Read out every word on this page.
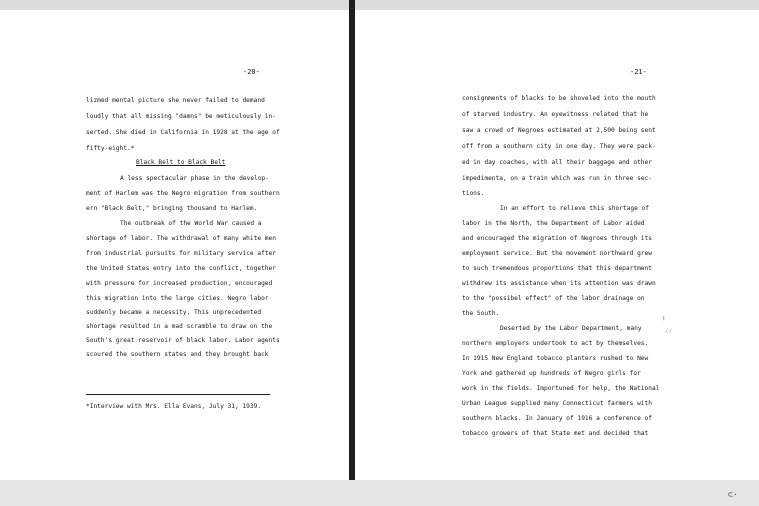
-20-
lizmed mental picture she never failed to demand
loudly that all missing "damns" be meticulously in-
serted. She died in California in 1928 at the age of
fifty-eight.*
Black Belt to Black Belt
A less spectacular phase in the develop-
ment of Harlem was the Negro migration from southern
ern "Black Belt," bringing thousand to Harlem.
The outbreak of the World War caused a
shortage of labor. The withdrawal of many white men
from industrial pursuits for military service after
the United States entry into the conflict, together
with pressure for increased production, encouraged
this migration into the large cities. Negro labor
suddenly became a necessity. This unprecedented
shortage resulted in a mad scramble to draw on the
South's great reservoir of black labor. Labor agents
scoured the southern states and they brought back
*Interview with Mrs. Ella Evans, July 31, 1939.
-21-
consignments of blacks to be shoveled into the mouth
of starved industry. An eyewitness related that he
saw a crowd of Negroes estimated at 2,500 being sent
off from a southern city in one day. They were pack-
ed in day coaches, with all their baggage and other
impedimenta, on a train which was run in three sec-
tions.
In an effort to relieve this shortage of
labor in the North, the Department of Labor aided
and encouraged the migration of Negroes through its
employment service. But the movement northward grew
to such tremendous proportions that this department
withdrew its assistance when its attention was drawn
to the "possibel effect" of the labor drainage on
the South.
Deserted by the Labor Department, many
northern employers undertook to act by themselves.
In 1915 New England tobacco planters rushed to New
York and gathered up hundreds of Negro girls for
work in the fields. Importuned for help, the National
Urban League supplied many Connecticut farmers with
southern blacks. In January of 1916 a conference of
tobacco growers of that State met and decided that
ꞁ
⁄⁄
⊂·
